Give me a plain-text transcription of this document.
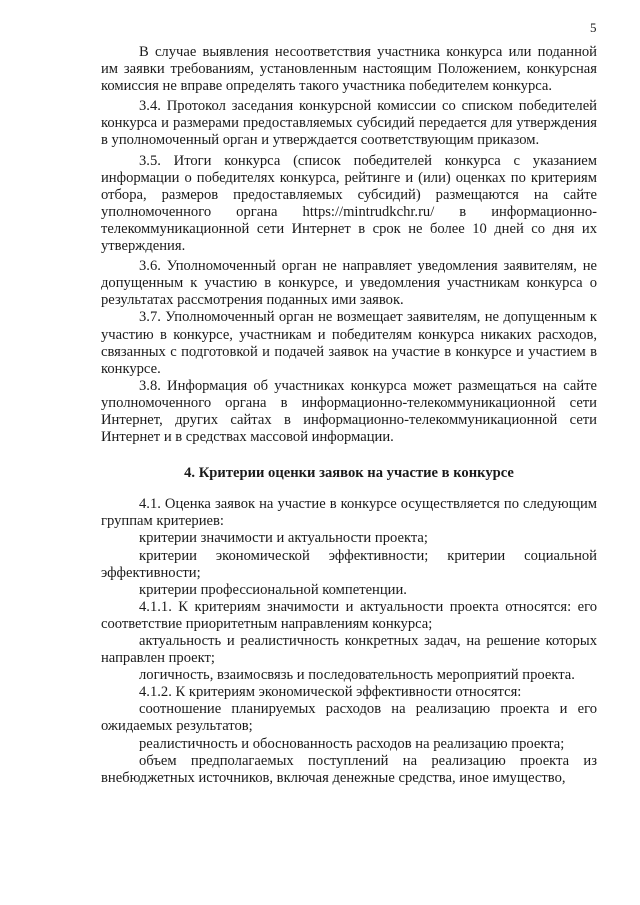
5

В случае выявления несоответствия участника конкурса или поданной им заявки требованиям, установленным настоящим Положением, конкурсная комиссия не вправе определять такого участника победителем конкурса.

3.4. Протокол заседания конкурсной комиссии со списком победителей конкурса и размерами предоставляемых субсидий передается для утверждения в уполномоченный орган и утверждается соответствующим приказом.

3.5. Итоги конкурса (список победителей конкурса с указанием информации о победителях конкурса, рейтинге и (или) оценках по критериям отбора, размеров предоставляемых субсидий) размещаются на сайте уполномоченного органа https://mintrudkchr.ru/ в информационно-телекоммуникационной сети Интернет в срок не более 10 дней со дня их утверждения.

3.6. Уполномоченный орган не направляет уведомления заявителям, не допущенным к участию в конкурсе, и уведомления участникам конкурса о результатах рассмотрения поданных ими заявок.

3.7. Уполномоченный орган не возмещает заявителям, не допущенным к участию в конкурсе, участникам и победителям конкурса никаких расходов, связанных с подготовкой и подачей заявок на участие в конкурсе и участием в конкурсе.

3.8. Информация об участниках конкурса может размещаться на сайте уполномоченного органа в информационно-телекоммуникационной сети Интернет, других сайтах в информационно-телекоммуникационной сети Интернет и в средствах массовой информации.

4. Критерии оценки заявок на участие в конкурсе

4.1. Оценка заявок на участие в конкурсе осуществляется по следующим группам критериев:

критерии значимости и актуальности проекта;

критерии экономической эффективности; критерии социальной эффективности;

критерии профессиональной компетенции.

4.1.1. К критериям значимости и актуальности проекта относятся: его соответствие приоритетным направлениям конкурса;

актуальность и реалистичность конкретных задач, на решение которых направлен проект;

логичность, взаимосвязь и последовательность мероприятий проекта.

4.1.2. К критериям экономической эффективности относятся:

соотношение планируемых расходов на реализацию проекта и его ожидаемых результатов;

реалистичность и обоснованность расходов на реализацию проекта;

объем предполагаемых поступлений на реализацию проекта из внебюджетных источников, включая денежные средства, иное имущество,
